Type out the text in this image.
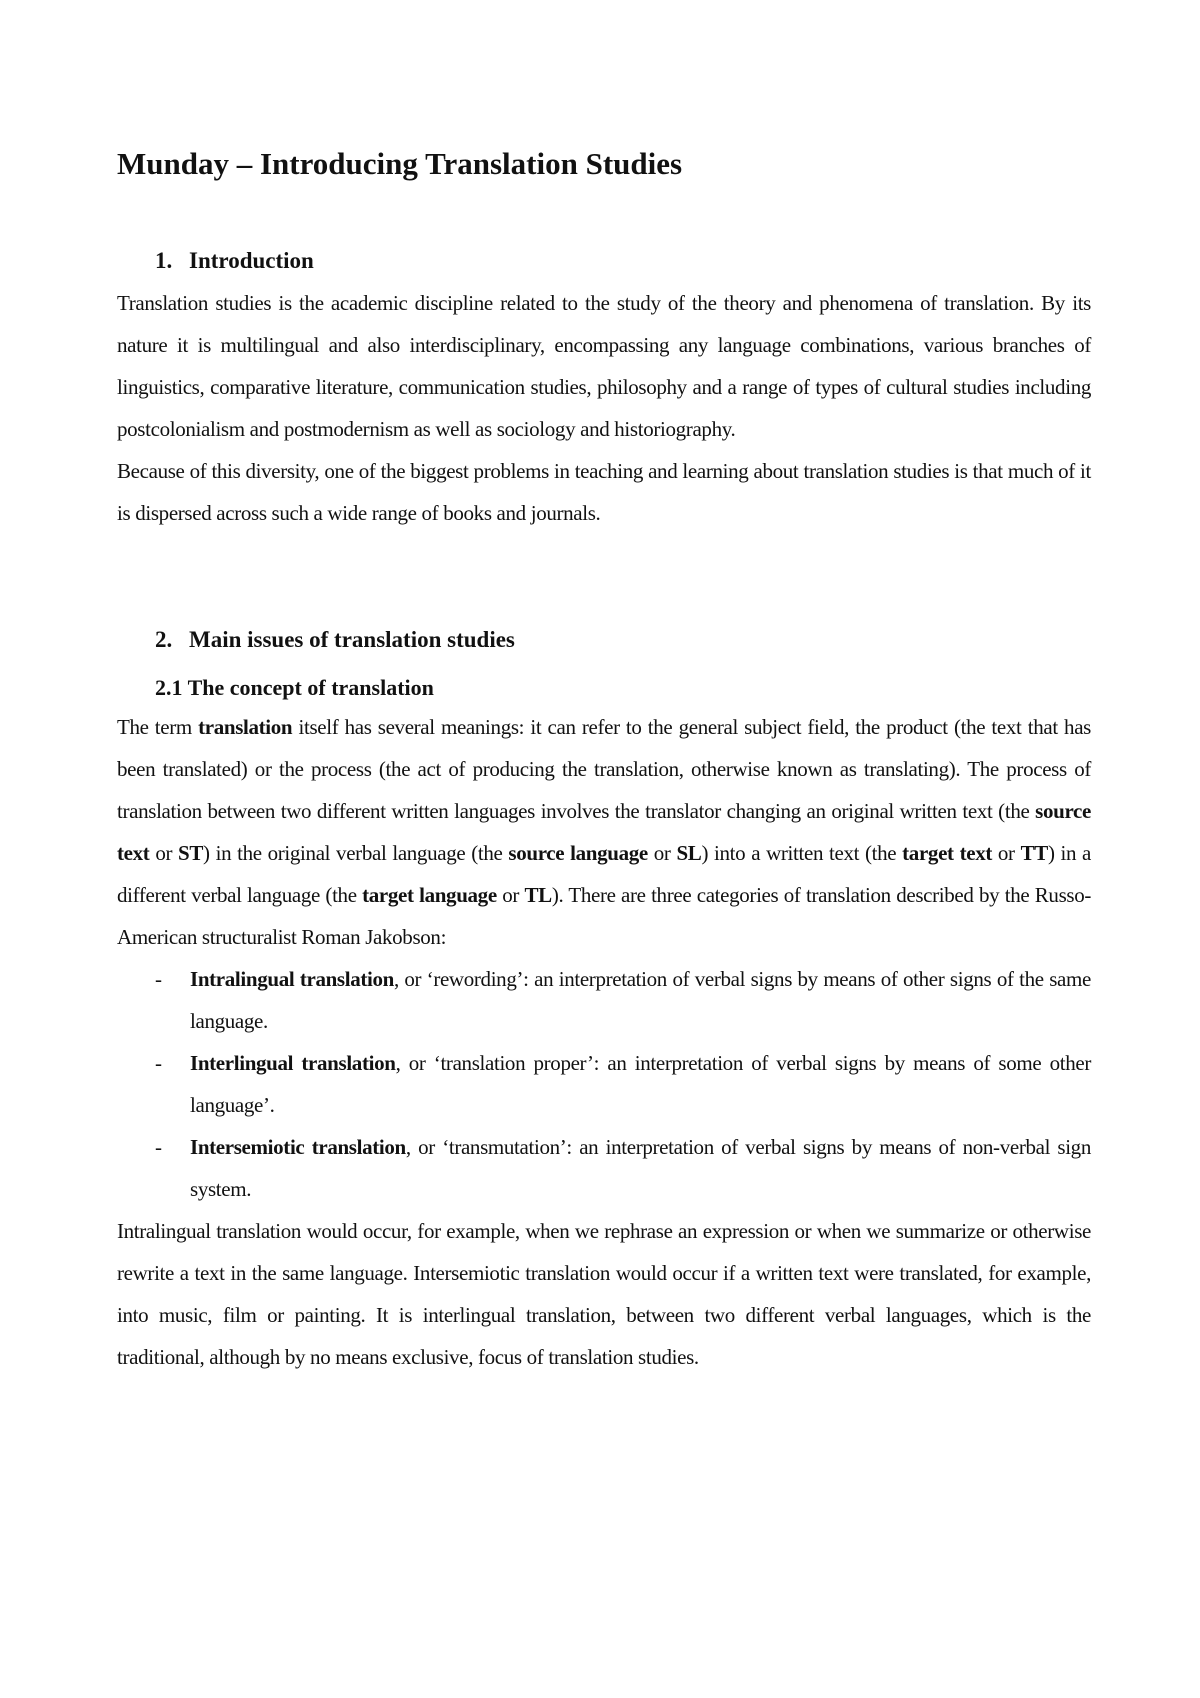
Munday – Introducing Translation Studies
1. Introduction

Translation studies is the academic discipline related to the study of the theory and phenomena of translation. By its nature it is multilingual and also interdisciplinary, encompassing any language combinations, various branches of linguistics, comparative literature, communication studies, philosophy and a range of types of cultural studies including postcolonialism and postmodernism as well as sociology and historiography.

Because of this diversity, one of the biggest problems in teaching and learning about translation studies is that much of it is dispersed across such a wide range of books and journals.

2. Main issues of translation studies
2.1 The concept of translation

The term translation itself has several meanings: it can refer to the general subject field, the product (the text that has been translated) or the process (the act of producing the translation, otherwise known as translating). The process of translation between two different written languages involves the translator changing an original written text (the source text or ST) in the original verbal language (the source language or SL) into a written text (the target text or TT) in a different verbal language (the target language or TL). There are three categories of translation described by the Russo-American structuralist Roman Jakobson:

- Intralingual translation, or ‘rewording’: an interpretation of verbal signs by means of other signs of the same language.

- Interlingual translation, or ‘translation proper’: an interpretation of verbal signs by means of some other language’.

- Intersemiotic translation, or ‘transmutation’: an interpretation of verbal signs by means of non-verbal sign system.

Intralingual translation would occur, for example, when we rephrase an expression or when we summarize or otherwise rewrite a text in the same language. Intersemiotic translation would occur if a written text were translated, for example, into music, film or painting. It is interlingual translation, between two different verbal languages, which is the traditional, although by no means exclusive, focus of translation studies.
